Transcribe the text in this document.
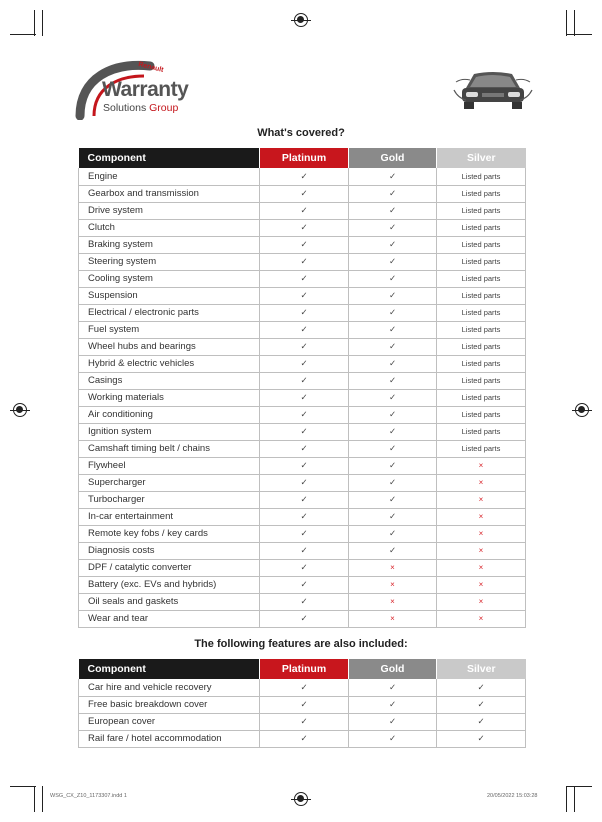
Renault
Warranty
Solutions Group
What's covered?
Component	Platinum	Gold	Silver
Engine	✓	✓	Listed parts
Gearbox and transmission	✓	✓	Listed parts
Drive system	✓	✓	Listed parts
Clutch	✓	✓	Listed parts
Braking system	✓	✓	Listed parts
Steering system	✓	✓	Listed parts
Cooling system	✓	✓	Listed parts
Suspension	✓	✓	Listed parts
Electrical / electronic parts	✓	✓	Listed parts
Fuel system	✓	✓	Listed parts
Wheel hubs and bearings	✓	✓	Listed parts
Hybrid & electric vehicles	✓	✓	Listed parts
Casings	✓	✓	Listed parts
Working materials	✓	✓	Listed parts
Air conditioning	✓	✓	Listed parts
Ignition system	✓	✓	Listed parts
Camshaft timing belt / chains	✓	✓	Listed parts
Flywheel	✓	✓	×
Supercharger	✓	✓	×
Turbocharger	✓	✓	×
In-car entertainment	✓	✓	×
Remote key fobs / key cards	✓	✓	×
Diagnosis costs	✓	✓	×
DPF / catalytic converter	✓	×	×
Battery (exc. EVs and hybrids)	✓	×	×
Oil seals and gaskets	✓	×	×
Wear and tear	✓	×	×
The following features are also included:
Component	Platinum	Gold	Silver
Car hire and vehicle recovery	✓	✓	✓
Free basic breakdown cover	✓	✓	✓
European cover	✓	✓	✓
Rail fare / hotel accommodation	✓	✓	✓
WSG_CX_Z10_1173307.indd 1	20/05/2022 15:03:28
